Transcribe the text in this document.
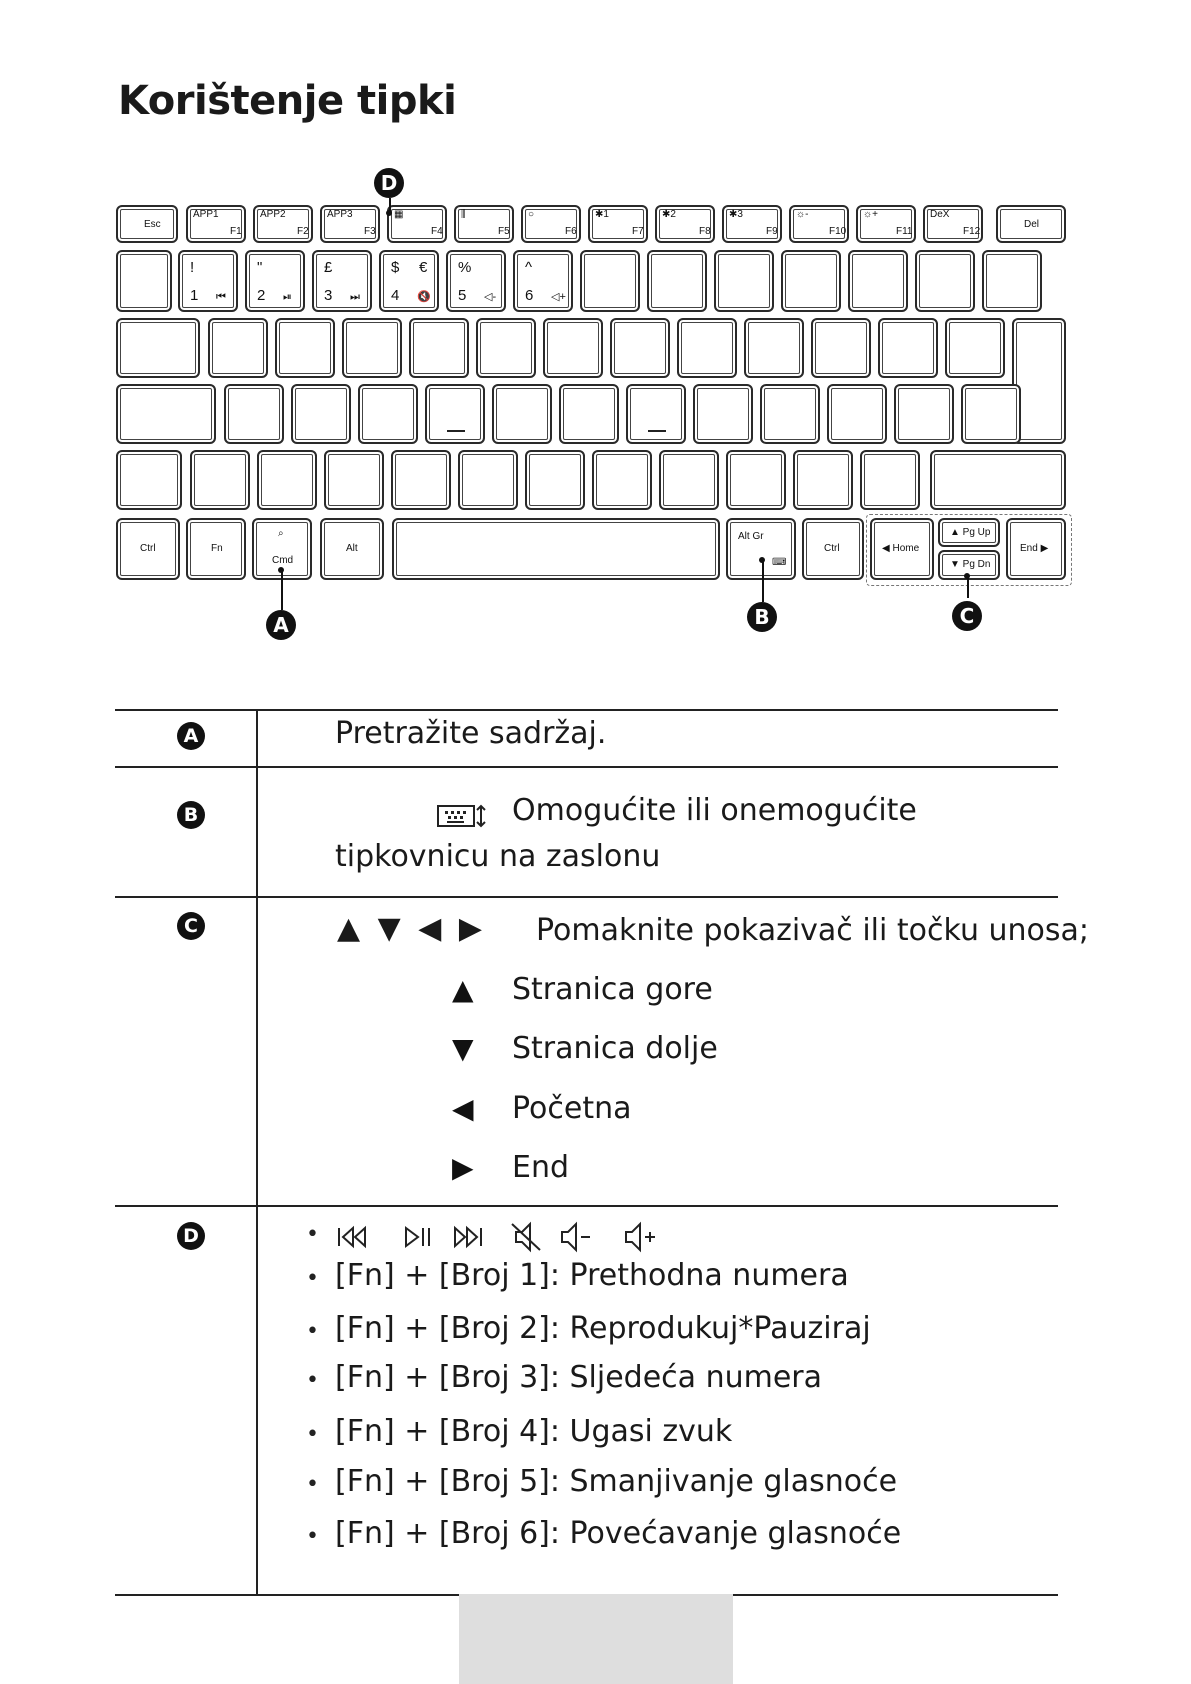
Korištenje tipki
Esc
APP1
F1
APP2
F2
APP3
F3
▦
F4
⫼
F5
○
F6
✱1
F7
✱2
F8
✱3
F9
☼-
F10
☼+
F11
DeX
F12
Del
!
1 ⏮
"
2 ⏯
£
3 ⏭
$ €
4 🔇
%
5 ◁-
^
6 ◁+
Ctrl	Fn
⌕
Cmd
Alt
Alt Gr
⌨
Ctrl	◀ Home
▲ Pg Up
▼ Pg Dn
End ▶
D
A	B	C
A	Pretražite sadržaj.
B	Omogućite ili onemogućite
tipkovnicu na zaslonu
C	▲ ▼ ◀ ▶ Pomaknite pokazivač ili točku unosa;
▲ Stranica gore
▼ Stranica dolje
◀ Početna
▶ End
D	•
• [Fn] + [Broj 1]: Prethodna numera
• [Fn] + [Broj 2]: Reprodukuj*Pauziraj
• [Fn] + [Broj 3]: Sljedeća numera
• [Fn] + [Broj 4]: Ugasi zvuk
• [Fn] + [Broj 5]: Smanjivanje glasnoće
• [Fn] + [Broj 6]: Povećavanje glasnoće
